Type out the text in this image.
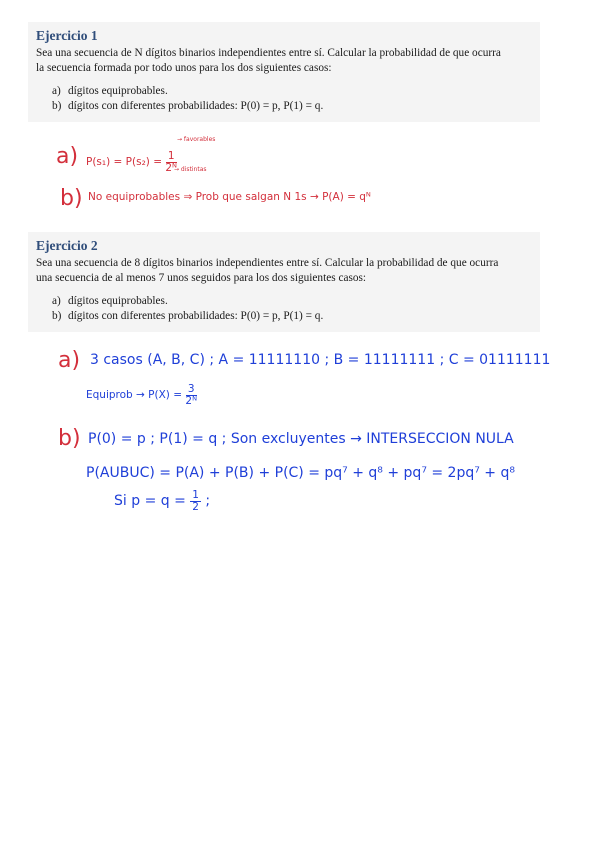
Ejercicio 1

Sea una secuencia de N dígitos binarios independientes entre sí. Calcular la probabilidad de que ocurra

la secuencia formada por todo unos para los dos siguientes casos:

a) dígitos equiprobables.
b) dígitos con diferentes probabilidades: P(0) = p, P(1) = q.
a) $P(s_1) = P(s_2) = \frac{1}{\text{2ᴺ}}$
→ favorables
→ distintas
b) No equiprobables ⇒ Prob que salgan N 1s → P(A) = qᴺ
Ejercicio 2

Sea una secuencia de 8 dígitos binarios independientes entre sí. Calcular la probabilidad de que ocurra

una secuencia de al menos 7 unos seguidos para los dos siguientes casos:

a) dígitos equiprobables.
b) dígitos con diferentes probabilidades: P(0) = p, P(1) = q.
a) 3 casos (A, B, C) ; A = 11111110 ; B = 11111111 ; C = 01111111
Equiprob → $P(X) = \frac{3}{\text{2ᴺ}}$
b) P(0) = p ; P(1) = q ; Son excluyentes → INTERSECCION NULA
P(AUBUC) = P(A) + P(B) + P(C) = pq⁷ + q⁸ + pq⁷ = 2pq⁷ + q⁸
Si $p = q = \frac{1}{2}$ ;
